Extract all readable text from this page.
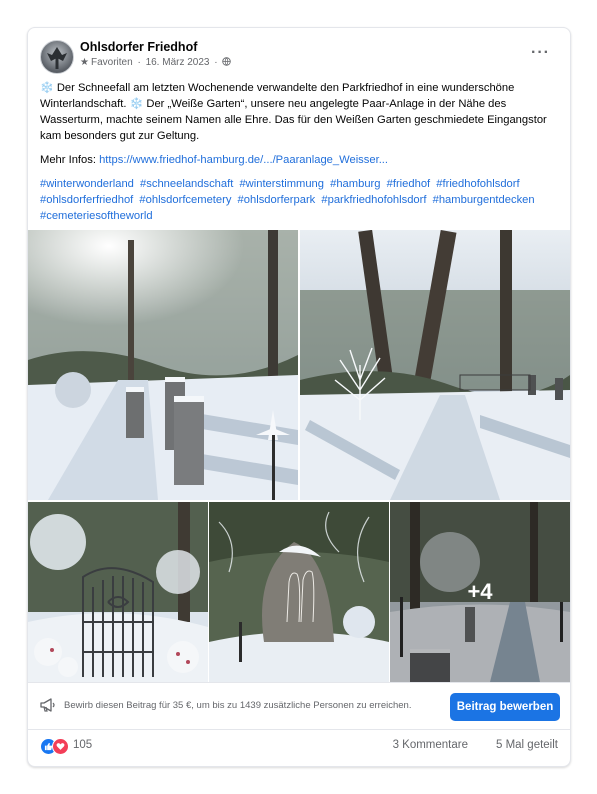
Ohlsdorfer Friedhof
★ Favoriten · 16. März 2023 ·
···

❄️ Der Schneefall am letzten Wochenende verwandelte den Parkfriedhof in eine wunderschöne Winterlandschaft. ❄️ Der „Weiße Garten“, unsere neu angelegte Paar-Anlage in der Nähe des Wasserturm, machte seinem Namen alle Ehre. Das für den Weißen Garten geschmiedete Eingangstor kam besonders gut zur Geltung.

Mehr Infos: https://www.friedhof-hamburg.de/.../Paaranlage_Weisser...

#winterwonderland #schneelandschaft #winterstimmung #hamburg #friedhof #friedhofohlsdorf #ohlsdorferfriedhof #ohlsdorfcemetery #ohlsdorferpark #parkfriedhofohlsdorf #hamburgentdecken #cemeteriesoftheworld

+4
Bewirb diesen Beitrag für 35 €, um bis zu 1439 zusätzliche Personen zu erreichen.	Beitrag bewerben
105	3 Kommentare 5 Mal geteilt
